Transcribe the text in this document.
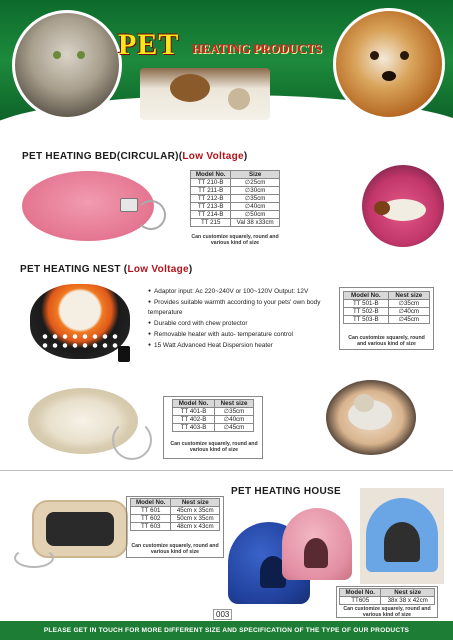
PET HEATING PRODUCTS
PET HEATING BED(CIRCULAR)(Low Voltage)
Model No.	Size
TT 210-B	∅25cm
TT 211-B	∅30cm
TT 212-B	∅35cm
TT 213-B	∅40cm
TT 214-B	∅50cm
TT 215	Val 38 x33cm
Can customize squarely, round and various kind of size
PET HEATING NEST (Low Voltage)
● Adaptor input: Ac 220~240V or 100~120V Output: 12V
● Provides suitable warmth according to your pets' own body temperature
● Durable cord with chew protector
● Removable heater with auto- temperature control
● 15 Watt Advanced Heat Dispersion heater
Model No.	Nest size
TT 501-B	∅35cm
TT 502-B	∅40cm
TT 503-B	∅45cm
Can customize squarely, round and various kind of size
Model No.	Nest size
TT 401-B	∅35cm
TT 402-B	∅40cm
TT 403-B	∅45cm
Can customize squarely, round and various kind of size
Model No.	Nest size
TT 601	45cm x 35cm
TT 602	50cm x 35cm
TT 603	48cm x 43cm
Can customize squarely, round and various kind of size
PET HEATING HOUSE
Model No.	Nest size
TT605	38x 38 x 42cm
Can customize squarely, round and various kind of size
003
PLEASE GET IN TOUCH FOR MORE DIFFERENT SIZE AND SPECIFICATION OF THE TYPE OF OUR PRODUCTS
